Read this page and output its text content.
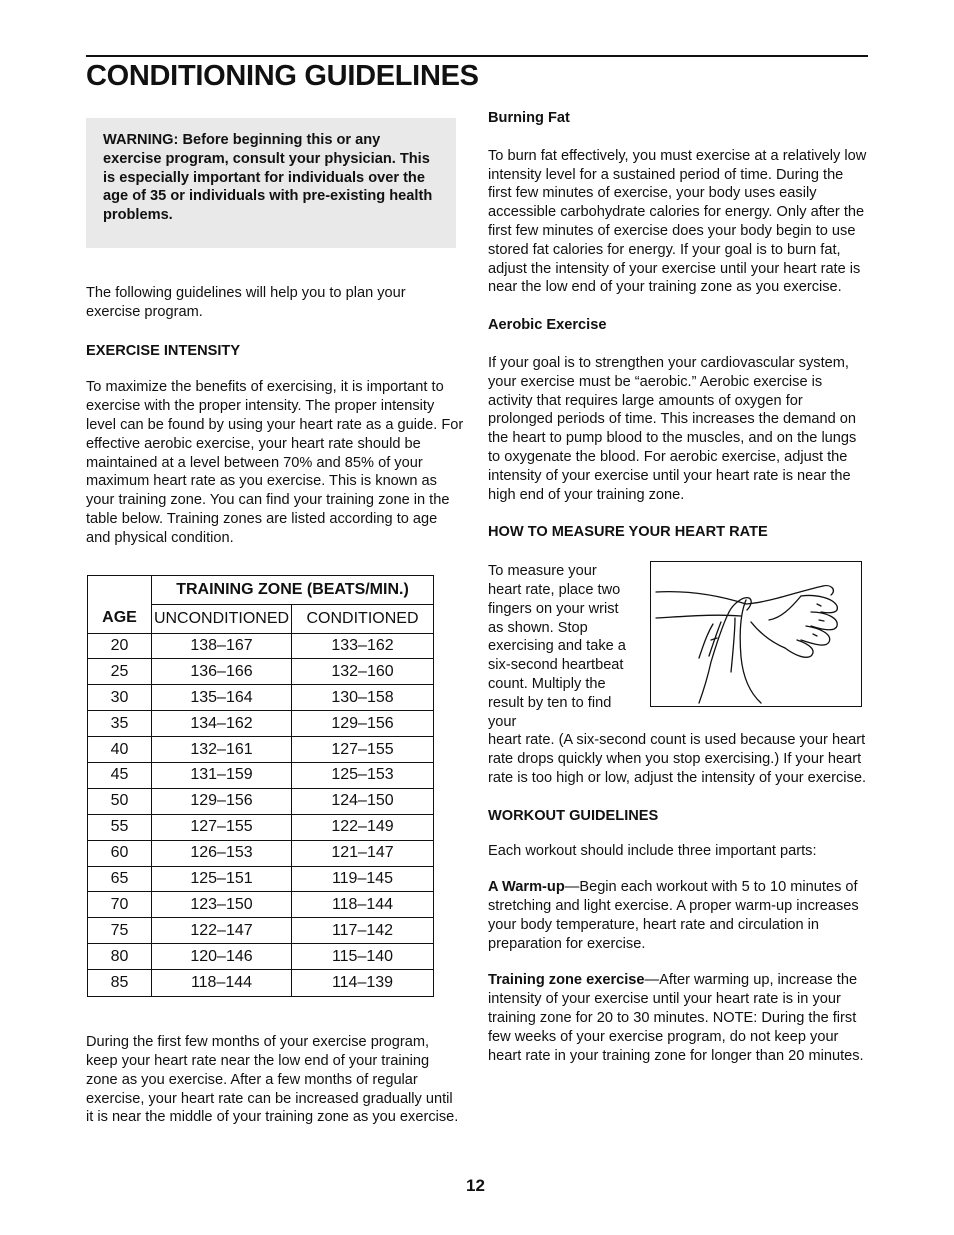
CONDITIONING GUIDELINES
WARNING: Before beginning this or any exercise program, consult your physician. This is especially important for individuals over the age of 35 or individuals with pre-existing health problems.

The following guidelines will help you to plan your exercise program.

EXERCISE INTENSITY

To maximize the benefits of exercising, it is important to exercise with the proper intensity. The proper intensity level can be found by using your heart rate as a guide. For effective aerobic exercise, your heart rate should be maintained at a level between 70% and 85% of your maximum heart rate as you exercise. This is known as your training zone. You can find your training zone in the table below. Training zones are listed according to age and physical condition.

AGE	TRAINING ZONE (BEATS/MIN.)	
	UNCONDITIONED	CONDITIONED
20	138–167	133–162
25	136–166	132–160
30	135–164	130–158
35	134–162	129–156
40	132–161	127–155
45	131–159	125–153
50	129–156	124–150
55	127–155	122–149
60	126–153	121–147
65	125–151	119–145
70	123–150	118–144
75	122–147	117–142
80	120–146	115–140
85	118–144	114–139

During the first few months of your exercise program, keep your heart rate near the low end of your training zone as you exercise. After a few months of regular exercise, your heart rate can be increased gradually until it is near the middle of your training zone as you exercise.

Burning Fat

To burn fat effectively, you must exercise at a relatively low intensity level for a sustained period of time. During the first few minutes of exercise, your body uses easily accessible carbohydrate calories for energy. Only after the first few minutes of exercise does your body begin to use stored fat calories for energy. If your goal is to burn fat, adjust the intensity of your exercise until your heart rate is near the low end of your training zone as you exercise.

Aerobic Exercise

If your goal is to strengthen your cardiovascular system, your exercise must be “aerobic.” Aerobic exercise is activity that requires large amounts of oxygen for prolonged periods of time. This increases the demand on the heart to pump blood to the muscles, and on the lungs to oxygenate the blood. For aerobic exercise, adjust the intensity of your exercise until your heart rate is near the high end of your training zone.

HOW TO MEASURE YOUR HEART RATE

To measure your heart rate, place two fingers on your wrist as shown. Stop exercising and take a six-second heartbeat count. Multiply the result by ten to find your

heart rate. (A six-second count is used because your heart rate drops quickly when you stop exercising.) If your heart rate is too high or low, adjust the intensity of your exercise.

WORKOUT GUIDELINES

Each workout should include three important parts:

A Warm-up—Begin each workout with 5 to 10 minutes of stretching and light exercise. A proper warm-up increases your body temperature, heart rate and circulation in preparation for exercise.

Training zone exercise—After warming up, increase the intensity of your exercise until your heart rate is in your training zone for 20 to 30 minutes. NOTE: During the first few weeks of your exercise program, do not keep your heart rate in your training zone for longer than 20 minutes.

12
